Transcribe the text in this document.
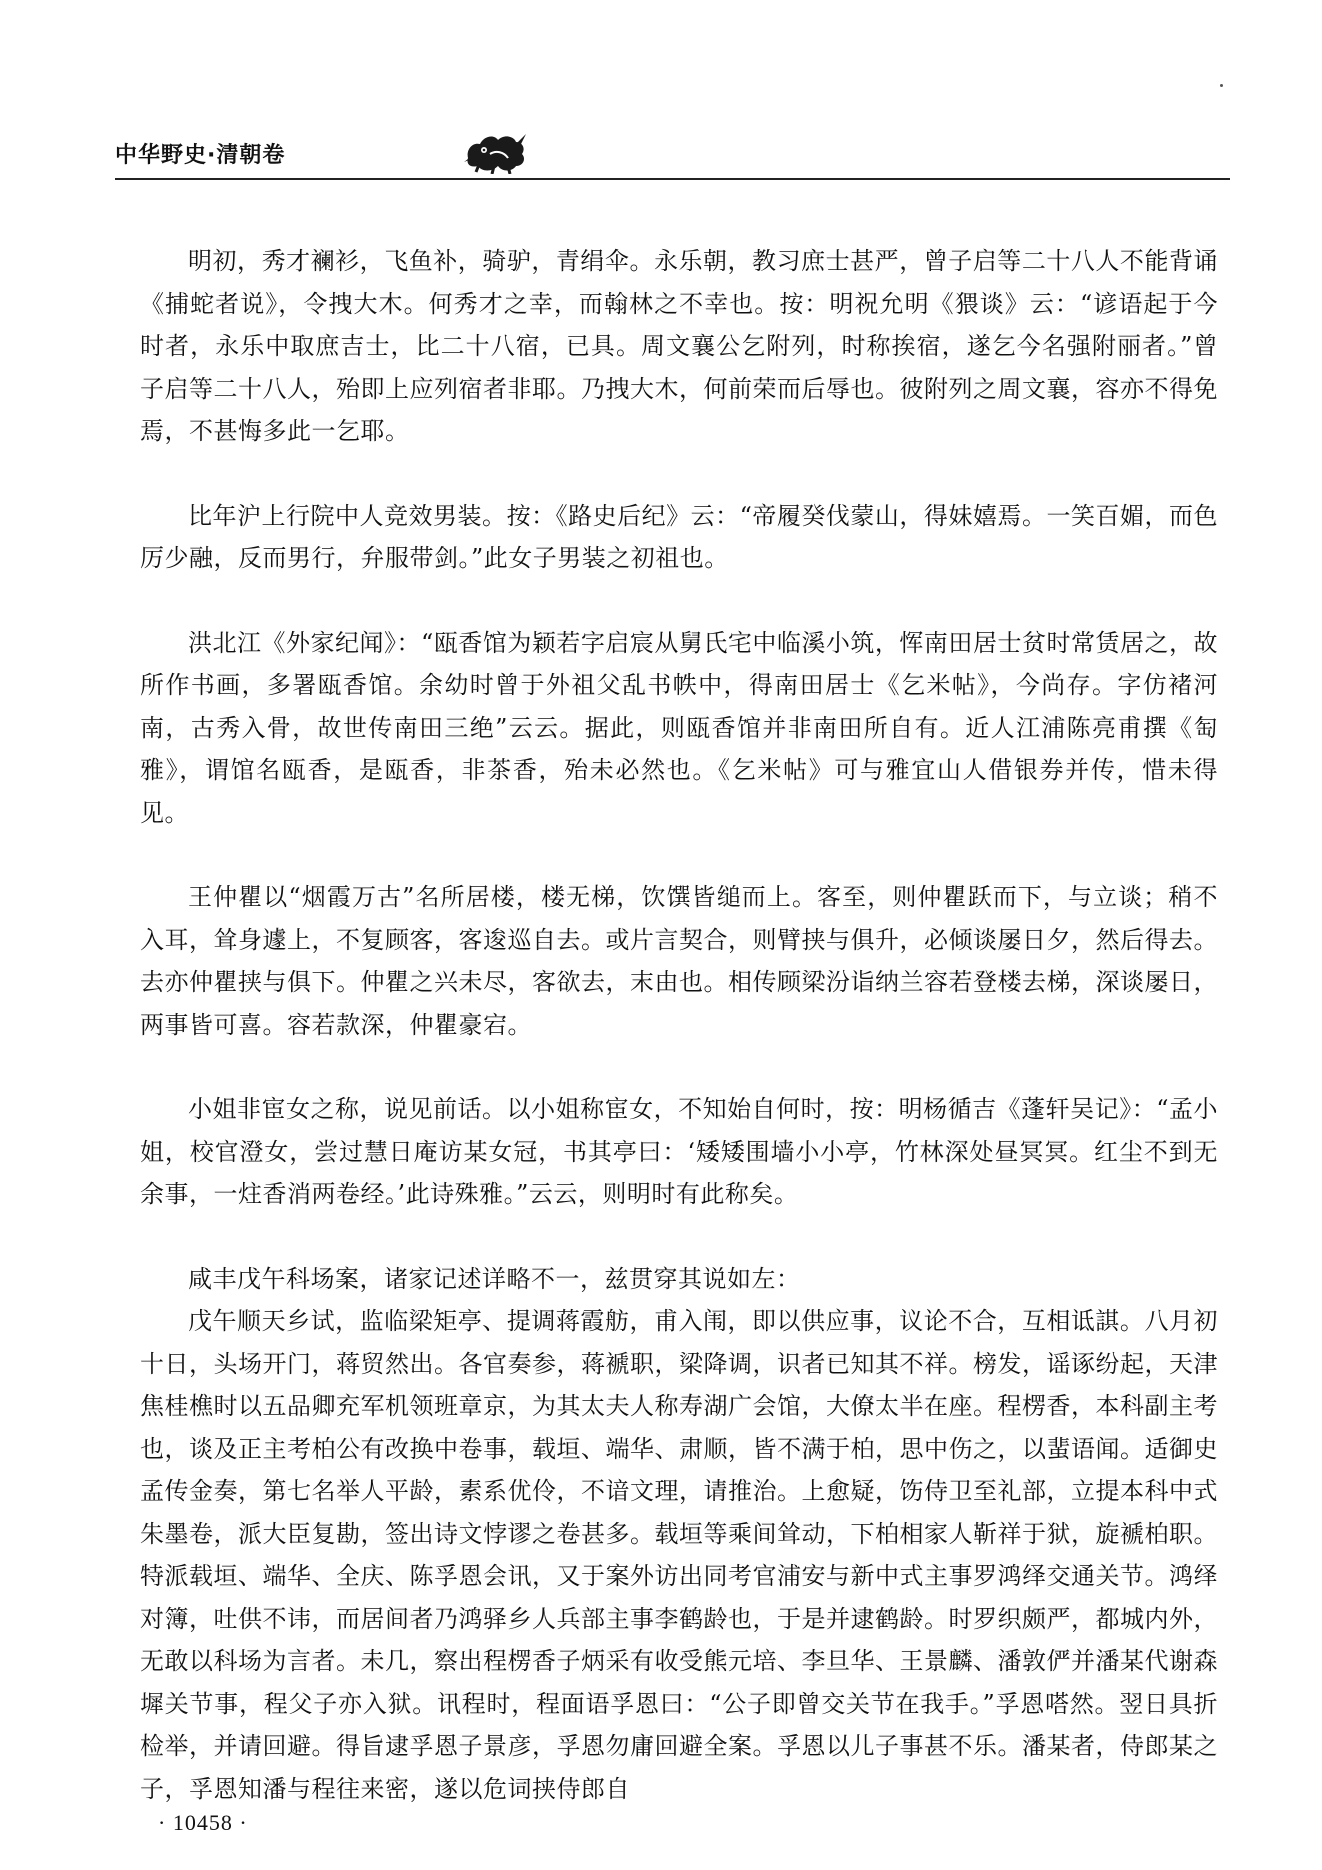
中华野史·清朝卷

明初，秀才襕衫，飞鱼补，骑驴，青绢伞。永乐朝，教习庶士甚严，曾子启等二十八人不能背诵《捕蛇者说》，令拽大木。何秀才之幸，而翰林之不幸也。按：明祝允明《猥谈》云：“谚语起于今时者，永乐中取庶吉士，比二十八宿，已具。周文襄公乞附列，时称挨宿，遂乞今名强附丽者。”曾子启等二十八人，殆即上应列宿者非耶。乃拽大木，何前荣而后辱也。彼附列之周文襄，容亦不得免焉，不甚悔多此一乞耶。

比年沪上行院中人竞效男装。按：《路史后纪》云：“帝履癸伐蒙山，得妹嬉焉。一笑百媚，而色厉少融，反而男行，弁服带剑。”此女子男装之初祖也。

洪北江《外家纪闻》：“瓯香馆为颖若字启宸从舅氏宅中临溪小筑，恽南田居士贫时常赁居之，故所作书画，多署瓯香馆。余幼时曾于外祖父乱书帙中，得南田居士《乞米帖》，今尚存。字仿褚河南，古秀入骨，故世传南田三绝”云云。据此，则瓯香馆并非南田所自有。近人江浦陈亮甫撰《匋雅》，谓馆名瓯香，是瓯香，非茶香，殆未必然也。《乞米帖》可与雅宜山人借银券并传，惜未得见。

王仲瞿以“烟霞万古”名所居楼，楼无梯，饮馔皆缒而上。客至，则仲瞿跃而下，与立谈；稍不入耳，耸身遽上，不复顾客，客逡巡自去。或片言契合，则臂挟与俱升，必倾谈屡日夕，然后得去。去亦仲瞿挟与俱下。仲瞿之兴未尽，客欲去，末由也。相传顾梁汾诣纳兰容若登楼去梯，深谈屡日，两事皆可喜。容若款深，仲瞿豪宕。

小姐非宦女之称，说见前话。以小姐称宦女，不知始自何时，按：明杨循吉《蓬轩吴记》：“孟小姐，校官澄女，尝过慧日庵访某女冠，书其亭曰：‘矮矮围墙小小亭，竹林深处昼冥冥。红尘不到无余事，一炷香消两卷经。’此诗殊雅。”云云，则明时有此称矣。

咸丰戊午科场案，诸家记述详略不一，兹贯穿其说如左：

戊午顺天乡试，监临梁矩亭、提调蒋霞舫，甫入闱，即以供应事，议论不合，互相诋諆。八月初十日，头场开门，蒋贸然出。各官奏参，蒋褫职，梁降调，识者已知其不祥。榜发，谣诼纷起，天津焦桂樵时以五品卿充军机领班章京，为其太夫人称寿湖广会馆，大僚太半在座。程楞香，本科副主考也，谈及正主考柏公有改换中卷事，载垣、端华、肃顺，皆不满于柏，思中伤之，以蜚语闻。适御史孟传金奏，第七名举人平龄，素系优伶，不谙文理，请推治。上愈疑，饬侍卫至礼部，立提本科中式朱墨卷，派大臣复勘，签出诗文悖谬之卷甚多。载垣等乘间耸动，下柏相家人靳祥于狱，旋褫柏职。特派载垣、端华、全庆、陈孚恩会讯，又于案外访出同考官浦安与新中式主事罗鸿绎交通关节。鸿绎对簿，吐供不讳，而居间者乃鸿驿乡人兵部主事李鹤龄也，于是并逮鹤龄。时罗织颇严，都城内外，无敢以科场为言者。未几，察出程楞香子炳采有收受熊元培、李旦华、王景麟、潘敦俨并潘某代谢森墀关节事，程父子亦入狱。讯程时，程面语孚恩曰：“公子即曾交关节在我手。”孚恩嗒然。翌日具折检举，并请回避。得旨逮孚恩子景彦，孚恩勿庸回避全案。孚恩以儿子事甚不乐。潘某者，侍郎某之子，孚恩知潘与程往来密，遂以危词挟侍郎自

· 10458 ·
